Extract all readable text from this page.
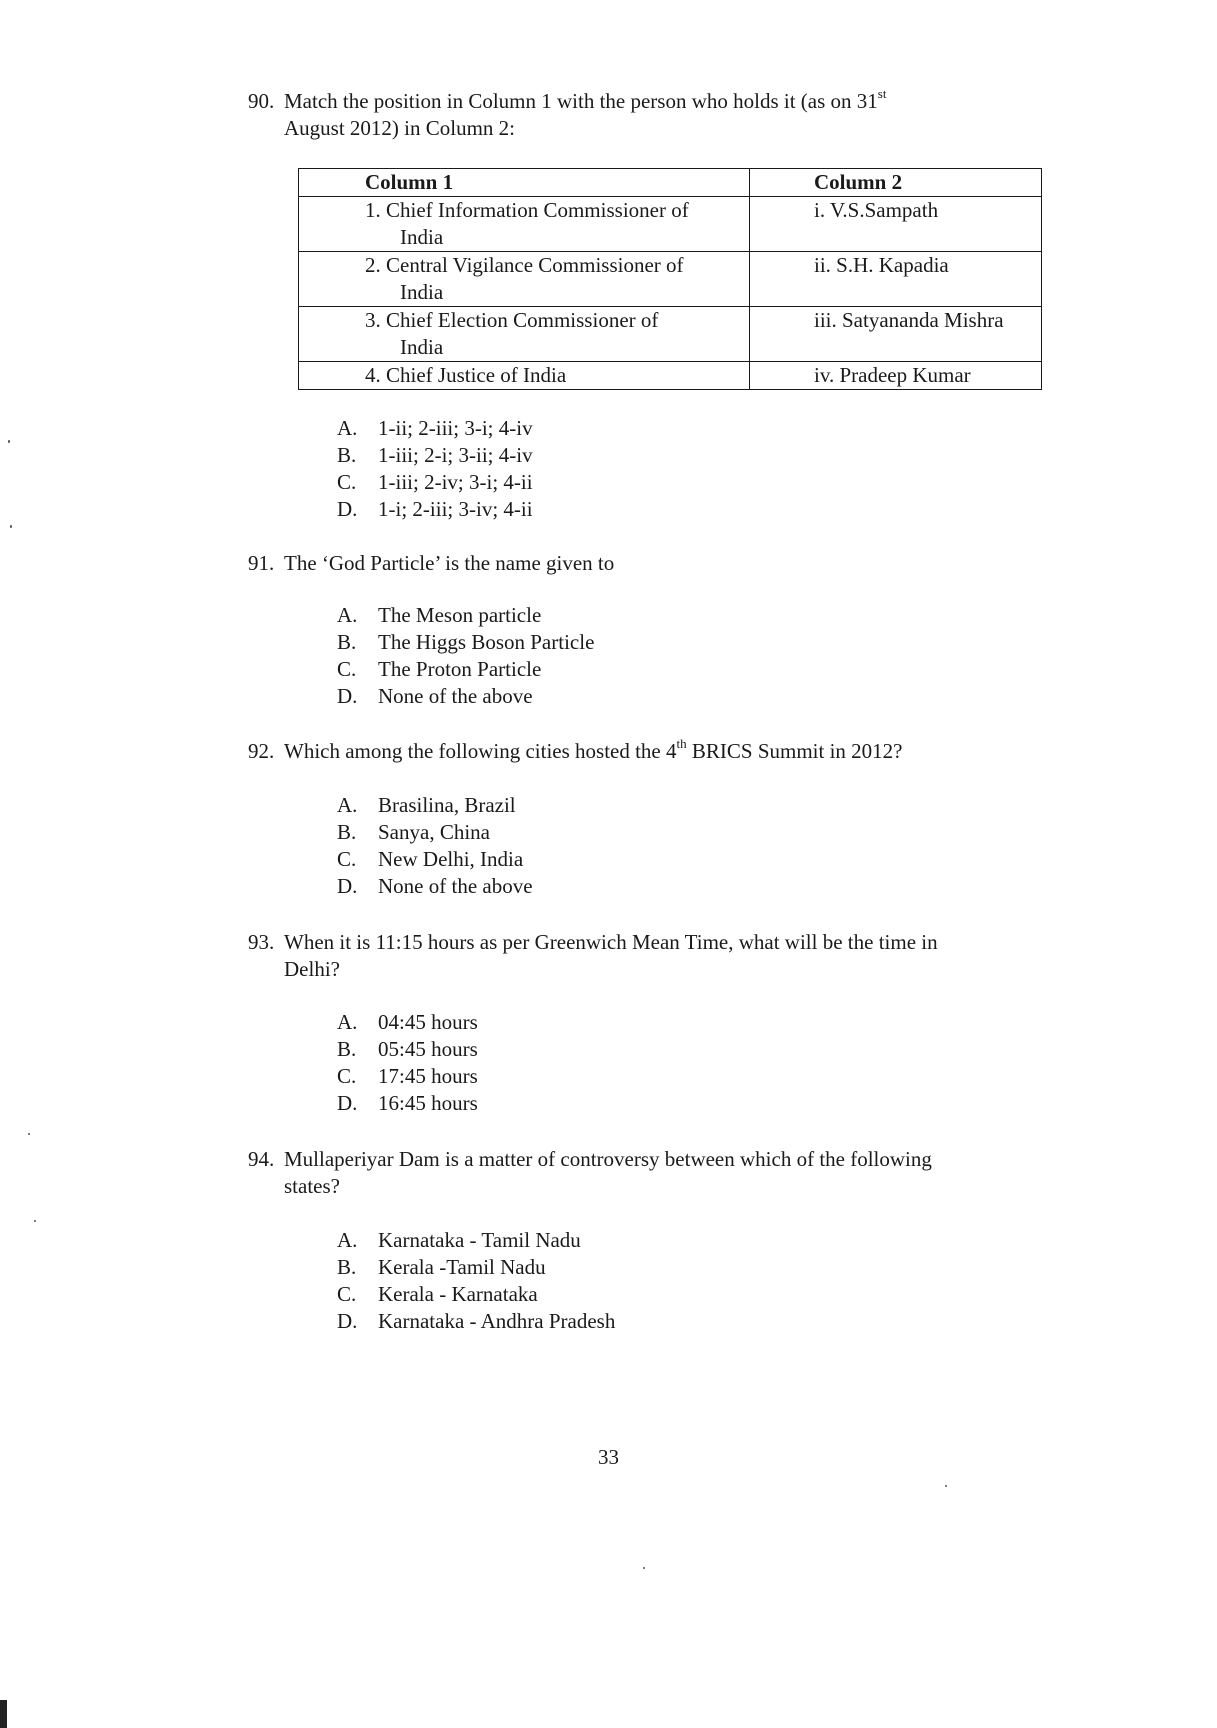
90. Match the position in Column 1 with the person who holds it (as on 31st
August 2012) in Column 2:
Column 1	Column 2

1. Chief Information Commissioner of
India	i. V.S.Sampath

2. Central Vigilance Commissioner of
India	ii. S.H. Kapadia

3. Chief Election Commissioner of
India	iii. Satyananda Mishra

4. Chief Justice of India	iv. Pradeep Kumar
A. 1-ii; 2-iii; 3-i; 4-iv
B.	1-iii; 2-i; 3-ii; 4-iv
C.	1-iii; 2-iv; 3-i; 4-ii
D. 1-i; 2-iii; 3-iv; 4-ii
91. The ‘God Particle’ is the name given to
A. The Meson particle
B.	The Higgs Boson Particle
C.	The Proton Particle
D. None of the above
92. Which among the following cities hosted the 4th BRICS Summit in 2012?
A. Brasilina, Brazil
B.	Sanya, China
C.	New Delhi, India
D. None of the above
93. When it is 11:15 hours as per Greenwich Mean Time, what will be the time in
Delhi?
A. 04:45 hours
B.	05:45 hours
C.	17:45 hours
D. 16:45 hours
94. Mullaperiyar Dam is a matter of controversy between which of the following
states?
A. Karnataka - Tamil Nadu
B.	Kerala -Tamil Nadu
C.	Kerala - Karnataka
D. Karnataka - Andhra Pradesh
33
